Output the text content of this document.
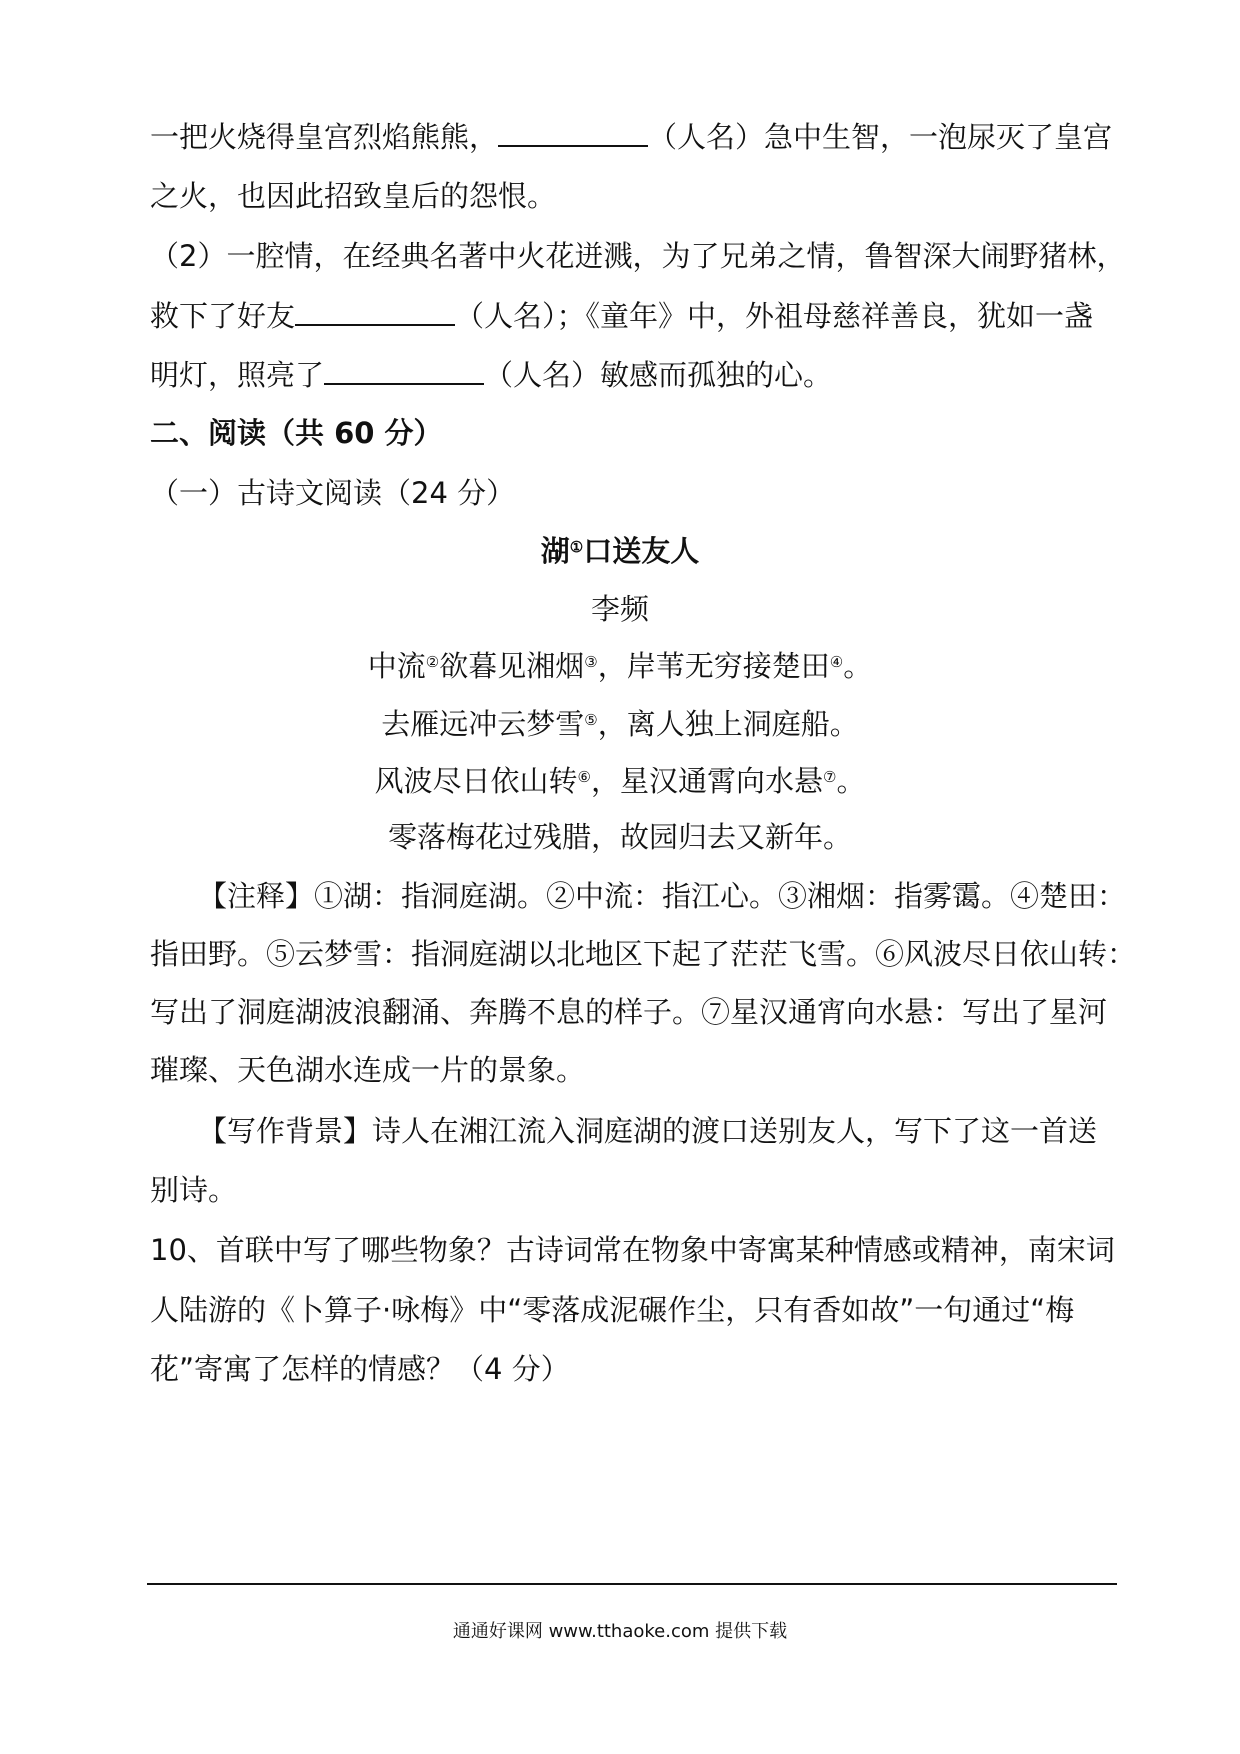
一把火烧得皇宫烈焰熊熊，	（人名）急中生智，一泡尿灭了皇宫
之火，也因此招致皇后的怨恨。
（2）一腔情，在经典名著中火花迸溅，为了兄弟之情，鲁智深大闹野猪林，
救下了好友	（人名）；《童年》中，外祖母慈祥善良，犹如一盏
明灯，照亮了	（人名）敏感而孤独的心。
二、阅读（共 60 分）
（一）古诗文阅读（24 分）
湖①口送友人
李频
中流②欲暮见湘烟③，岸苇无穷接楚田④。
去雁远冲云梦雪⑤，离人独上洞庭船。
风波尽日依山转⑥，星汉通霄向水悬⑦。
零落梅花过残腊，故园归去又新年。
【注释】①湖：指洞庭湖。②中流：指江心。③湘烟：指雾霭。④楚田：
指田野。⑤云梦雪：指洞庭湖以北地区下起了茫茫飞雪。⑥风波尽日依山转：
写出了洞庭湖波浪翻涌、奔腾不息的样子。⑦星汉通宵向水悬：写出了星河
璀璨、天色湖水连成一片的景象。
【写作背景】诗人在湘江流入洞庭湖的渡口送别友人，写下了这一首送
别诗。
10、首联中写了哪些物象？古诗词常在物象中寄寓某种情感或精神，南宋词
人陆游的《卜算子·咏梅》中“零落成泥碾作尘，只有香如故”一句通过“梅
花”寄寓了怎样的情感？（4 分）
通通好课网 www.tthaoke.com 提供下载
